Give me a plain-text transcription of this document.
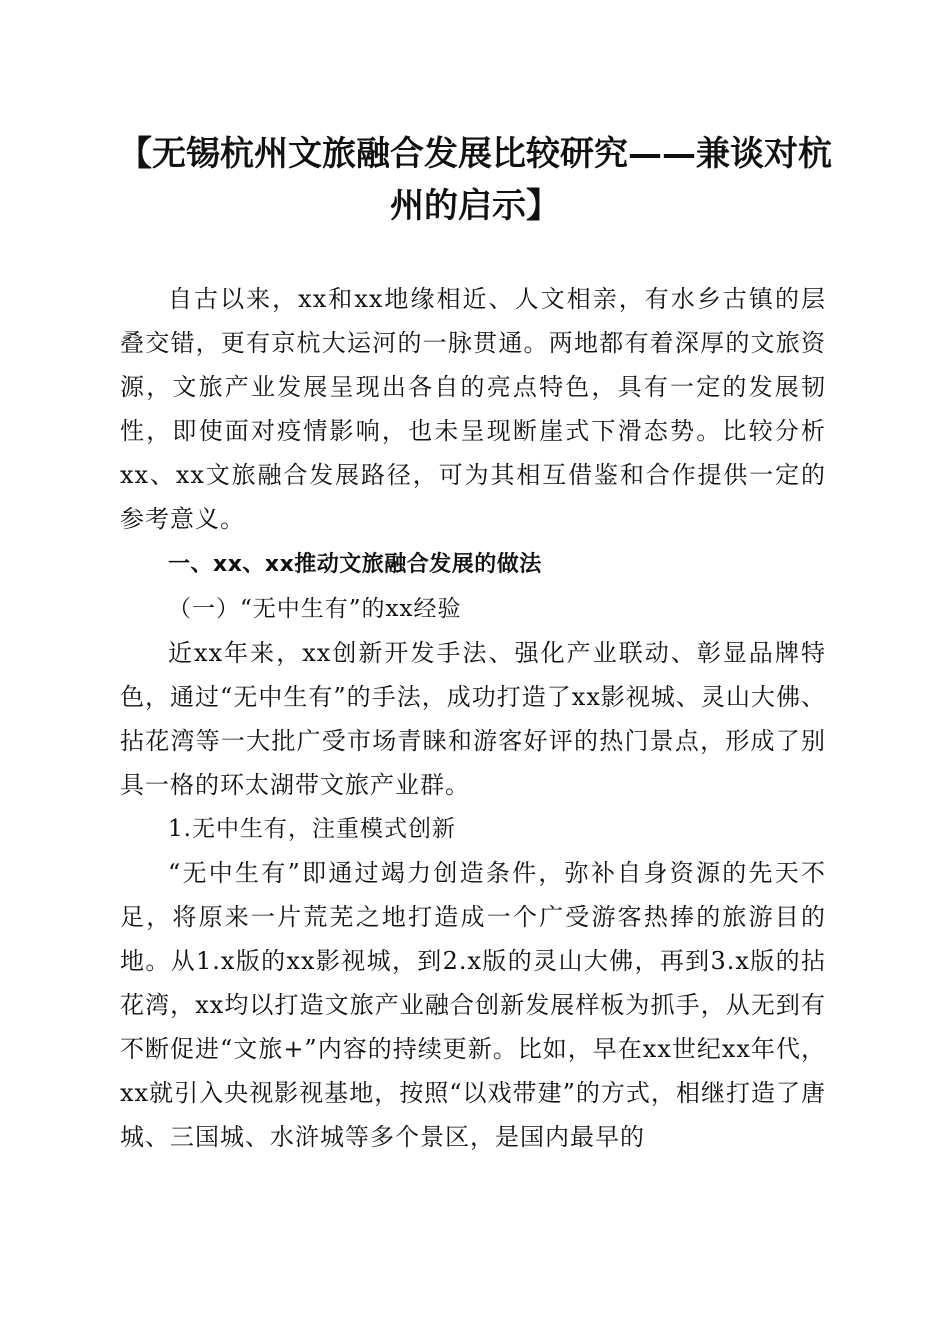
【无锡杭州文旅融合发展比较研究——兼谈对杭州的启示】

自古以来，xx和xx地缘相近、人文相亲，有水乡古镇的层叠交错，更有京杭大运河的一脉贯通。两地都有着深厚的文旅资源，文旅产业发展呈现出各自的亮点特色，具有一定的发展韧性，即使面对疫情影响，也未呈现断崖式下滑态势。比较分析xx、xx文旅融合发展路径，可为其相互借鉴和合作提供一定的参考意义。

一、xx、xx推动文旅融合发展的做法

（一）“无中生有”的xx经验

近xx年来，xx创新开发手法、强化产业联动、彰显品牌特色，通过“无中生有”的手法，成功打造了xx影视城、灵山大佛、拈花湾等一大批广受市场青睐和游客好评的热门景点，形成了别具一格的环太湖带文旅产业群。

1.无中生有，注重模式创新

“无中生有”即通过竭力创造条件，弥补自身资源的先天不足，将原来一片荒芜之地打造成一个广受游客热捧的旅游目的地。从1.x版的xx影视城，到2.x版的灵山大佛，再到3.x版的拈花湾，xx均以打造文旅产业融合创新发展样板为抓手，从无到有不断促进“文旅+”内容的持续更新。比如，早在xx世纪xx年代，xx就引入央视影视基地，按照“以戏带建”的方式，相继打造了唐城、三国城、水浒城等多个景区，是国内最早的
